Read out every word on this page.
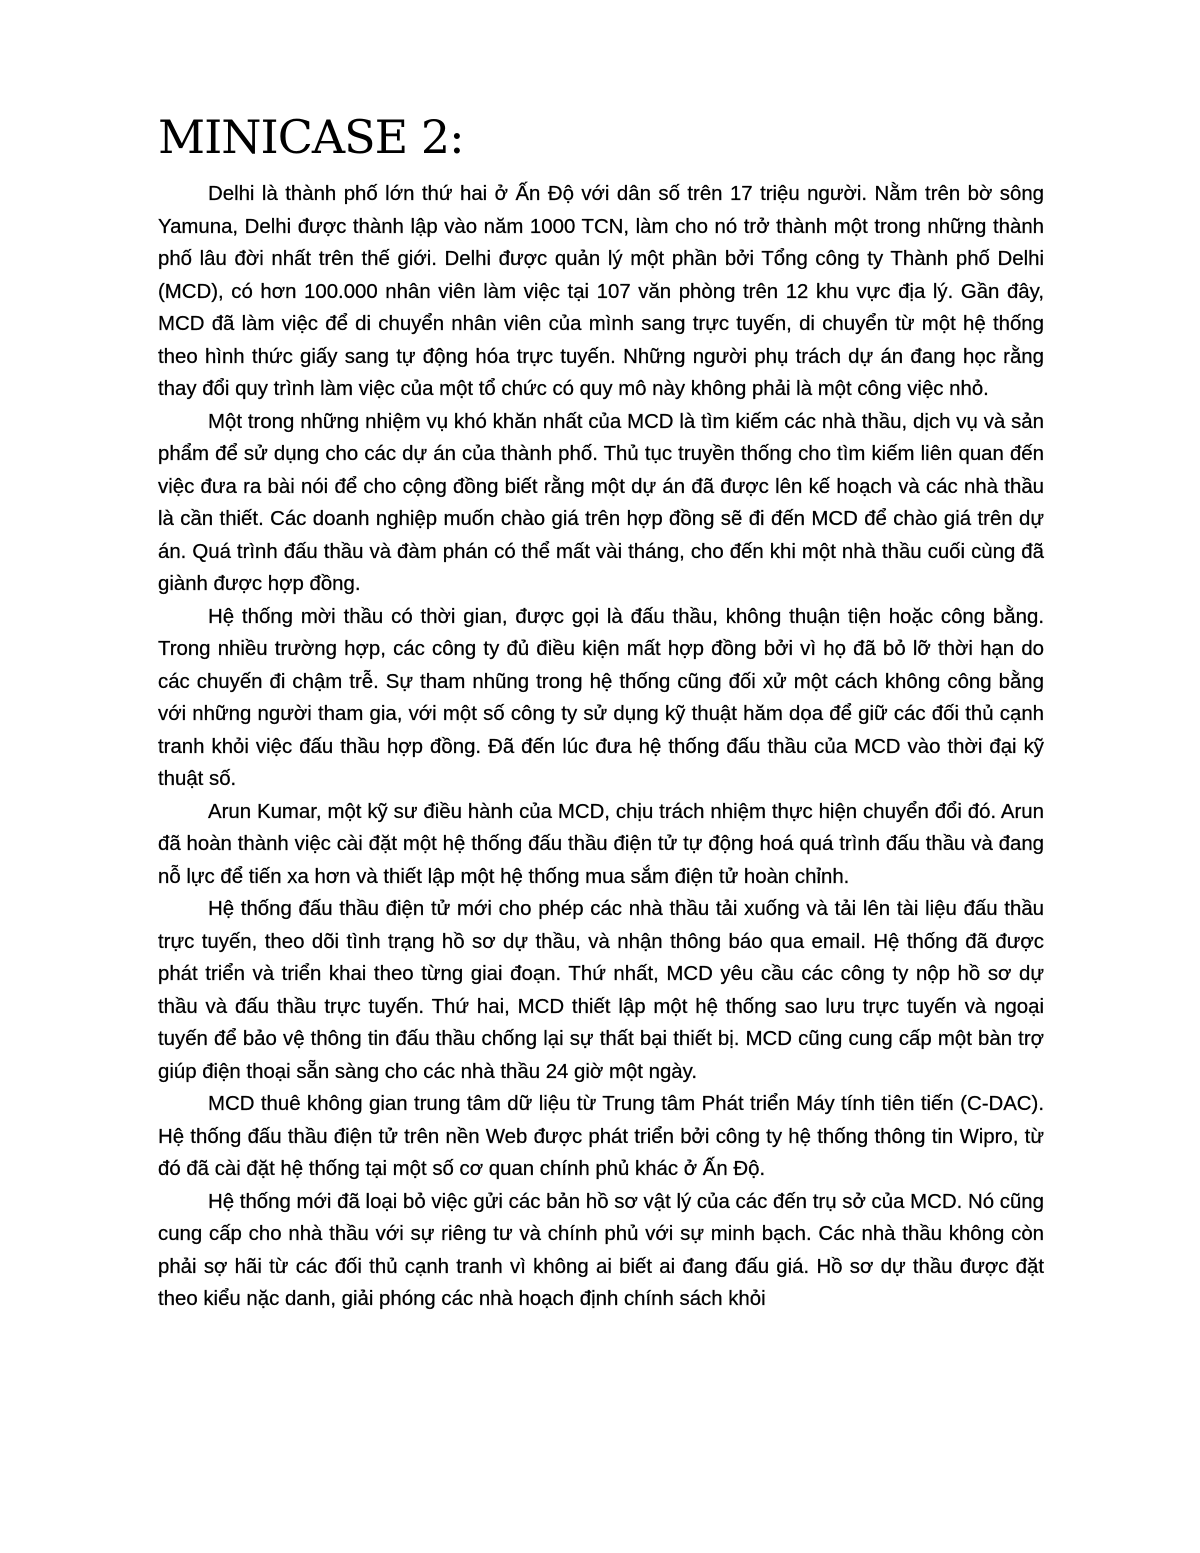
MINICASE 2:

Delhi là thành phố lớn thứ hai ở Ấn Độ với dân số trên 17 triệu người. Nằm trên bờ sông Yamuna, Delhi được thành lập vào năm 1000 TCN, làm cho nó trở thành một trong những thành phố lâu đời nhất trên thế giới. Delhi được quản lý một phần bởi Tổng công ty Thành phố Delhi (MCD), có hơn 100.000 nhân viên làm việc tại 107 văn phòng trên 12 khu vực địa lý. Gần đây, MCD đã làm việc để di chuyển nhân viên của mình sang trực tuyến, di chuyển từ một hệ thống theo hình thức giấy sang tự động hóa trực tuyến. Những người phụ trách dự án đang học rằng thay đổi quy trình làm việc của một tổ chức có quy mô này không phải là một công việc nhỏ.

Một trong những nhiệm vụ khó khăn nhất của MCD là tìm kiếm các nhà thầu, dịch vụ và sản phẩm để sử dụng cho các dự án của thành phố. Thủ tục truyền thống cho tìm kiếm liên quan đến việc đưa ra bài nói để cho cộng đồng biết rằng một dự án đã được lên kế hoạch và các nhà thầu là cần thiết. Các doanh nghiệp muốn chào giá trên hợp đồng sẽ đi đến MCD để chào giá trên dự án. Quá trình đấu thầu và đàm phán có thể mất vài tháng, cho đến khi một nhà thầu cuối cùng đã giành được hợp đồng.

Hệ thống mời thầu có thời gian, được gọi là đấu thầu, không thuận tiện hoặc công bằng. Trong nhiều trường hợp, các công ty đủ điều kiện mất hợp đồng bởi vì họ đã bỏ lỡ thời hạn do các chuyến đi chậm trễ. Sự tham nhũng trong hệ thống cũng đối xử một cách không công bằng với những người tham gia, với một số công ty sử dụng kỹ thuật hăm dọa để giữ các đối thủ cạnh tranh khỏi việc đấu thầu hợp đồng. Đã đến lúc đưa hệ thống đấu thầu của MCD vào thời đại kỹ thuật số.

Arun Kumar, một kỹ sư điều hành của MCD, chịu trách nhiệm thực hiện chuyển đổi đó. Arun đã hoàn thành việc cài đặt một hệ thống đấu thầu điện tử tự động hoá quá trình đấu thầu và đang nỗ lực để tiến xa hơn và thiết lập một hệ thống mua sắm điện tử hoàn chỉnh.

Hệ thống đấu thầu điện tử mới cho phép các nhà thầu tải xuống và tải lên tài liệu đấu thầu trực tuyến, theo dõi tình trạng hồ sơ dự thầu, và nhận thông báo qua email. Hệ thống đã được phát triển và triển khai theo từng giai đoạn. Thứ nhất, MCD yêu cầu các công ty nộp hồ sơ dự thầu và đấu thầu trực tuyến. Thứ hai, MCD thiết lập một hệ thống sao lưu trực tuyến và ngoại tuyến để bảo vệ thông tin đấu thầu chống lại sự thất bại thiết bị. MCD cũng cung cấp một bàn trợ giúp điện thoại sẵn sàng cho các nhà thầu 24 giờ một ngày.

MCD thuê không gian trung tâm dữ liệu từ Trung tâm Phát triển Máy tính tiên tiến (C-DAC). Hệ thống đấu thầu điện tử trên nền Web được phát triển bởi công ty hệ thống thông tin Wipro, từ đó đã cài đặt hệ thống tại một số cơ quan chính phủ khác ở Ấn Độ.

Hệ thống mới đã loại bỏ việc gửi các bản hồ sơ vật lý của các đến trụ sở của MCD. Nó cũng cung cấp cho nhà thầu với sự riêng tư và chính phủ với sự minh bạch. Các nhà thầu không còn phải sợ hãi từ các đối thủ cạnh tranh vì không ai biết ai đang đấu giá. Hồ sơ dự thầu được đặt theo kiểu nặc danh, giải phóng các nhà hoạch định chính sách khỏi
